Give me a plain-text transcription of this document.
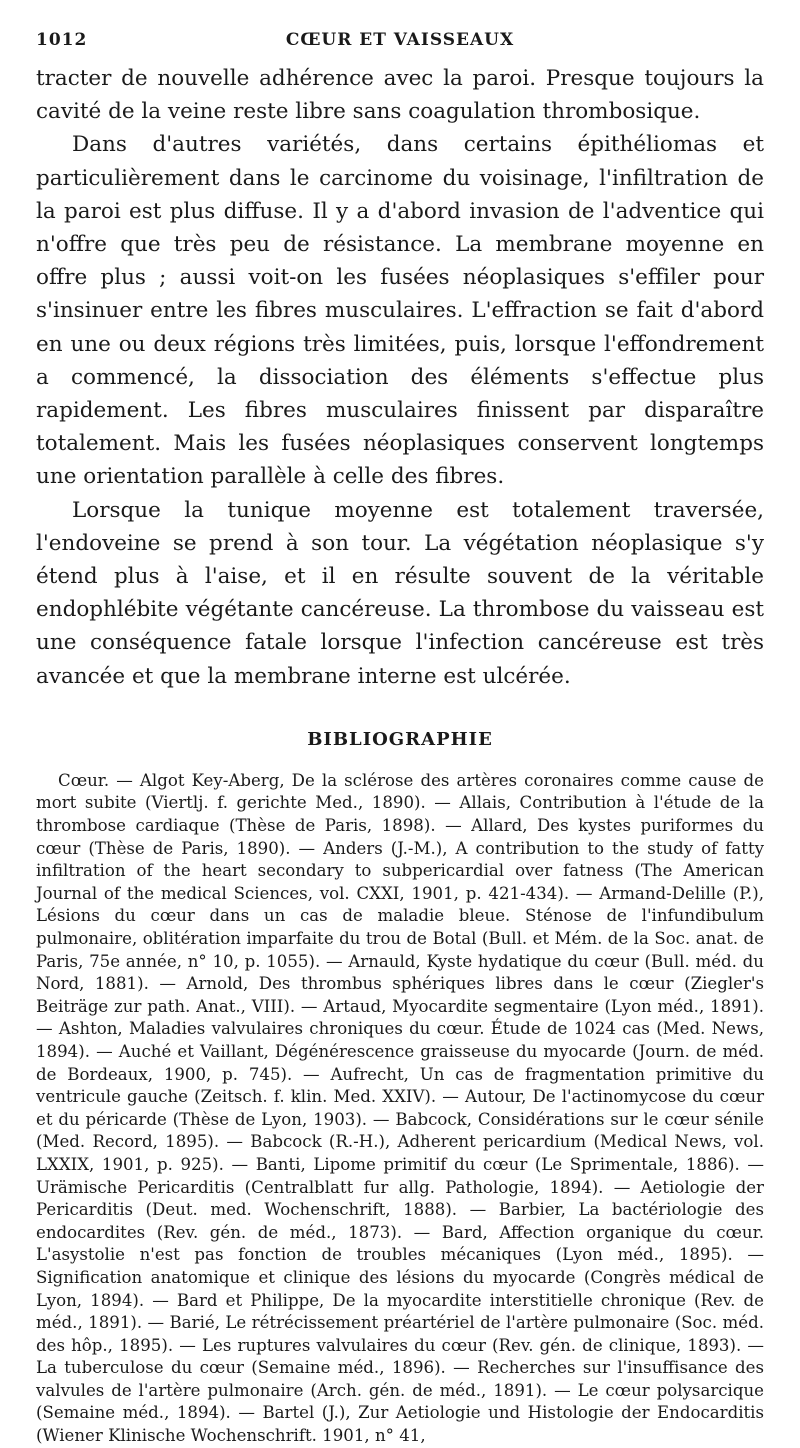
1012	CŒUR ET VAISSEAUX

tracter de nouvelle adhérence avec la paroi. Presque toujours la cavité de la veine reste libre sans coagulation thrombosique.

Dans d'autres variétés, dans certains épithéliomas et particulièrement dans le carcinome du voisinage, l'infiltration de la paroi est plus diffuse. Il y a d'abord invasion de l'adventice qui n'offre que très peu de résistance. La membrane moyenne en offre plus ; aussi voit-on les fusées néoplasiques s'effiler pour s'insinuer entre les fibres musculaires. L'effraction se fait d'abord en une ou deux régions très limitées, puis, lorsque l'effondrement a commencé, la dissociation des éléments s'effectue plus rapidement. Les fibres musculaires finissent par disparaître totalement. Mais les fusées néoplasiques conservent longtemps une orientation parallèle à celle des fibres.

Lorsque la tunique moyenne est totalement traversée, l'endoveine se prend à son tour. La végétation néoplasique s'y étend plus à l'aise, et il en résulte souvent de la véritable endophlébite végétante cancéreuse. La thrombose du vaisseau est une conséquence fatale lorsque l'infection cancéreuse est très avancée et que la membrane interne est ulcérée.

BIBLIOGRAPHIE

Cœur. — Algot Key-Aberg, De la sclérose des artères coronaires comme cause de mort subite (Viertlj. f. gerichte Med., 1890). — Allais, Contribution à l'étude de la thrombose cardiaque (Thèse de Paris, 1898). — Allard, Des kystes puriformes du cœur (Thèse de Paris, 1890). — Anders (J.-M.), A contribution to the study of fatty infiltration of the heart secondary to subpericardial over fatness (The American Journal of the medical Sciences, vol. CXXI, 1901, p. 421-434). — Armand-Delille (P.), Lésions du cœur dans un cas de maladie bleue. Sténose de l'infundibulum pulmonaire, oblitération imparfaite du trou de Botal (Bull. et Mém. de la Soc. anat. de Paris, 75e année, n° 10, p. 1055). — Arnauld, Kyste hydatique du cœur (Bull. méd. du Nord, 1881). — Arnold, Des thrombus sphériques libres dans le cœur (Ziegler's Beiträge zur path. Anat., VIII). — Artaud, Myocardite segmentaire (Lyon méd., 1891). — Ashton, Maladies valvulaires chroniques du cœur. Étude de 1024 cas (Med. News, 1894). — Auché et Vaillant, Dégénérescence graisseuse du myocarde (Journ. de méd. de Bordeaux, 1900, p. 745). — Aufrecht, Un cas de fragmentation primitive du ventricule gauche (Zeitsch. f. klin. Med. XXIV). — Autour, De l'actinomycose du cœur et du péricarde (Thèse de Lyon, 1903). — Babcock, Considérations sur le cœur sénile (Med. Record, 1895). — Babcock (R.-H.), Adherent pericardium (Medical News, vol. LXXIX, 1901, p. 925). — Banti, Lipome primitif du cœur (Le Sprimentale, 1886). — Urämische Pericarditis (Centralblatt fur allg. Pathologie, 1894). — Aetiologie der Pericarditis (Deut. med. Wochenschrift, 1888). — Barbier, La bactériologie des endocardites (Rev. gén. de méd., 1873). — Bard, Affection organique du cœur. L'asystolie n'est pas fonction de troubles mécaniques (Lyon méd., 1895). — Signification anatomique et clinique des lésions du myocarde (Congrès médical de Lyon, 1894). — Bard et Philippe, De la myocardite interstitielle chronique (Rev. de méd., 1891). — Barié, Le rétrécissement préartériel de l'artère pulmonaire (Soc. méd. des hôp., 1895). — Les ruptures valvulaires du cœur (Rev. gén. de clinique, 1893). — La tuberculose du cœur (Semaine méd., 1896). — Recherches sur l'insuffisance des valvules de l'artère pulmonaire (Arch. gén. de méd., 1891). — Le cœur polysarcique (Semaine méd., 1894). — Bartel (J.), Zur Aetiologie und Histologie der Endocarditis (Wiener Klinische Wochenschrift. 1901, n° 41,
